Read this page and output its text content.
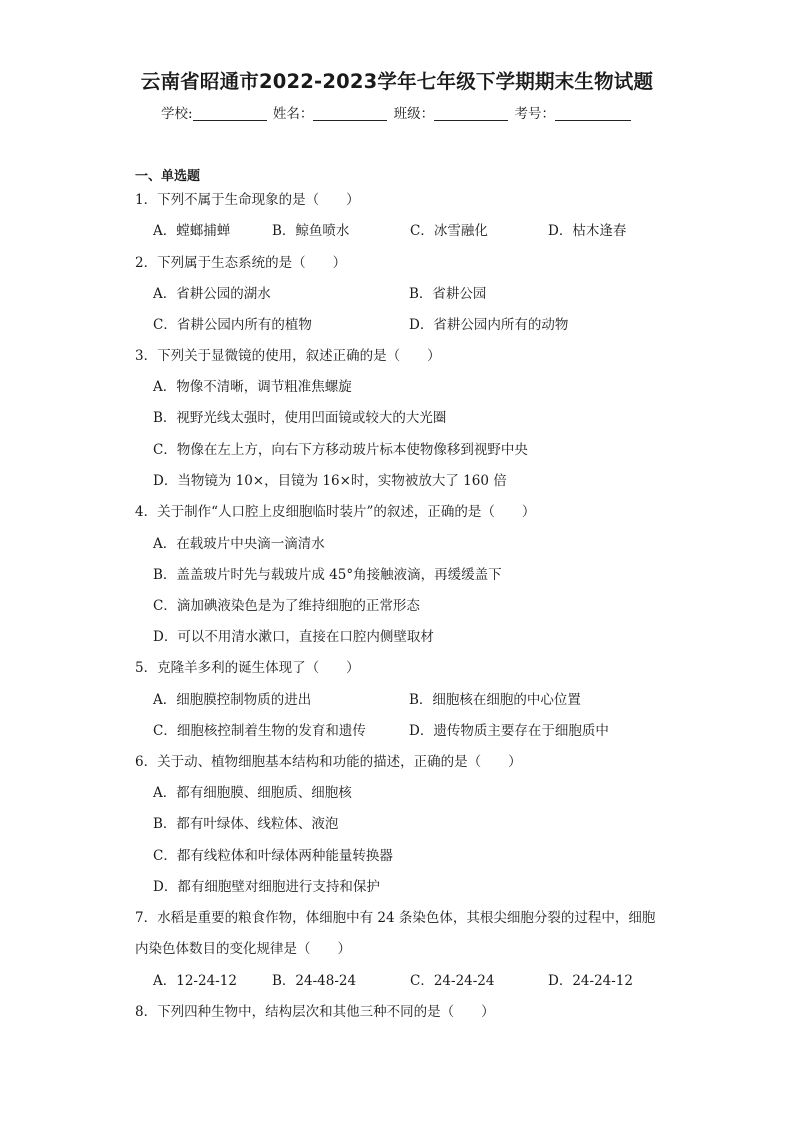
云南省昭通市2022-2023学年七年级下学期期末生物试题
学校:	姓名：	班级：	考号：
一、单选题
1．下列不属于生命现象的是（　　）
A．螳螂捕蝉	B．鲸鱼喷水	C．冰雪融化	D．枯木逢春
2．下列属于生态系统的是（　　）
A．省耕公园的湖水	B．省耕公园
C．省耕公园内所有的植物	D．省耕公园内所有的动物
3．下列关于显微镜的使用，叙述正确的是（　　）
A．物像不清晰，调节粗准焦螺旋
B．视野光线太强时，使用凹面镜或较大的大光圈
C．物像在左上方，向右下方移动玻片标本使物像移到视野中央
D．当物镜为 10×，目镜为 16×时，实物被放大了 160 倍
4．关于制作“人口腔上皮细胞临时装片”的叙述，正确的是（　　）
A．在载玻片中央滴一滴清水
B．盖盖玻片时先与载玻片成 45°角接触液滴，再缓缓盖下
C．滴加碘液染色是为了维持细胞的正常形态
D．可以不用清水漱口，直接在口腔内侧壁取材
5．克隆羊多利的诞生体现了（　　）
A．细胞膜控制物质的进出	B．细胞核在细胞的中心位置
C．细胞核控制着生物的发育和遗传	D．遗传物质主要存在于细胞质中
6．关于动、植物细胞基本结构和功能的描述，正确的是（　　）
A．都有细胞膜、细胞质、细胞核
B．都有叶绿体、线粒体、液泡
C．都有线粒体和叶绿体两种能量转换器
D．都有细胞壁对细胞进行支持和保护
7．水稻是重要的粮食作物，体细胞中有 24 条染色体，其根尖细胞分裂的过程中，细胞
内染色体数目的变化规律是（　　）
A．12-24-12	B．24-48-24	C．24-24-24	D．24-24-12
8．下列四种生物中，结构层次和其他三种不同的是（　　）
